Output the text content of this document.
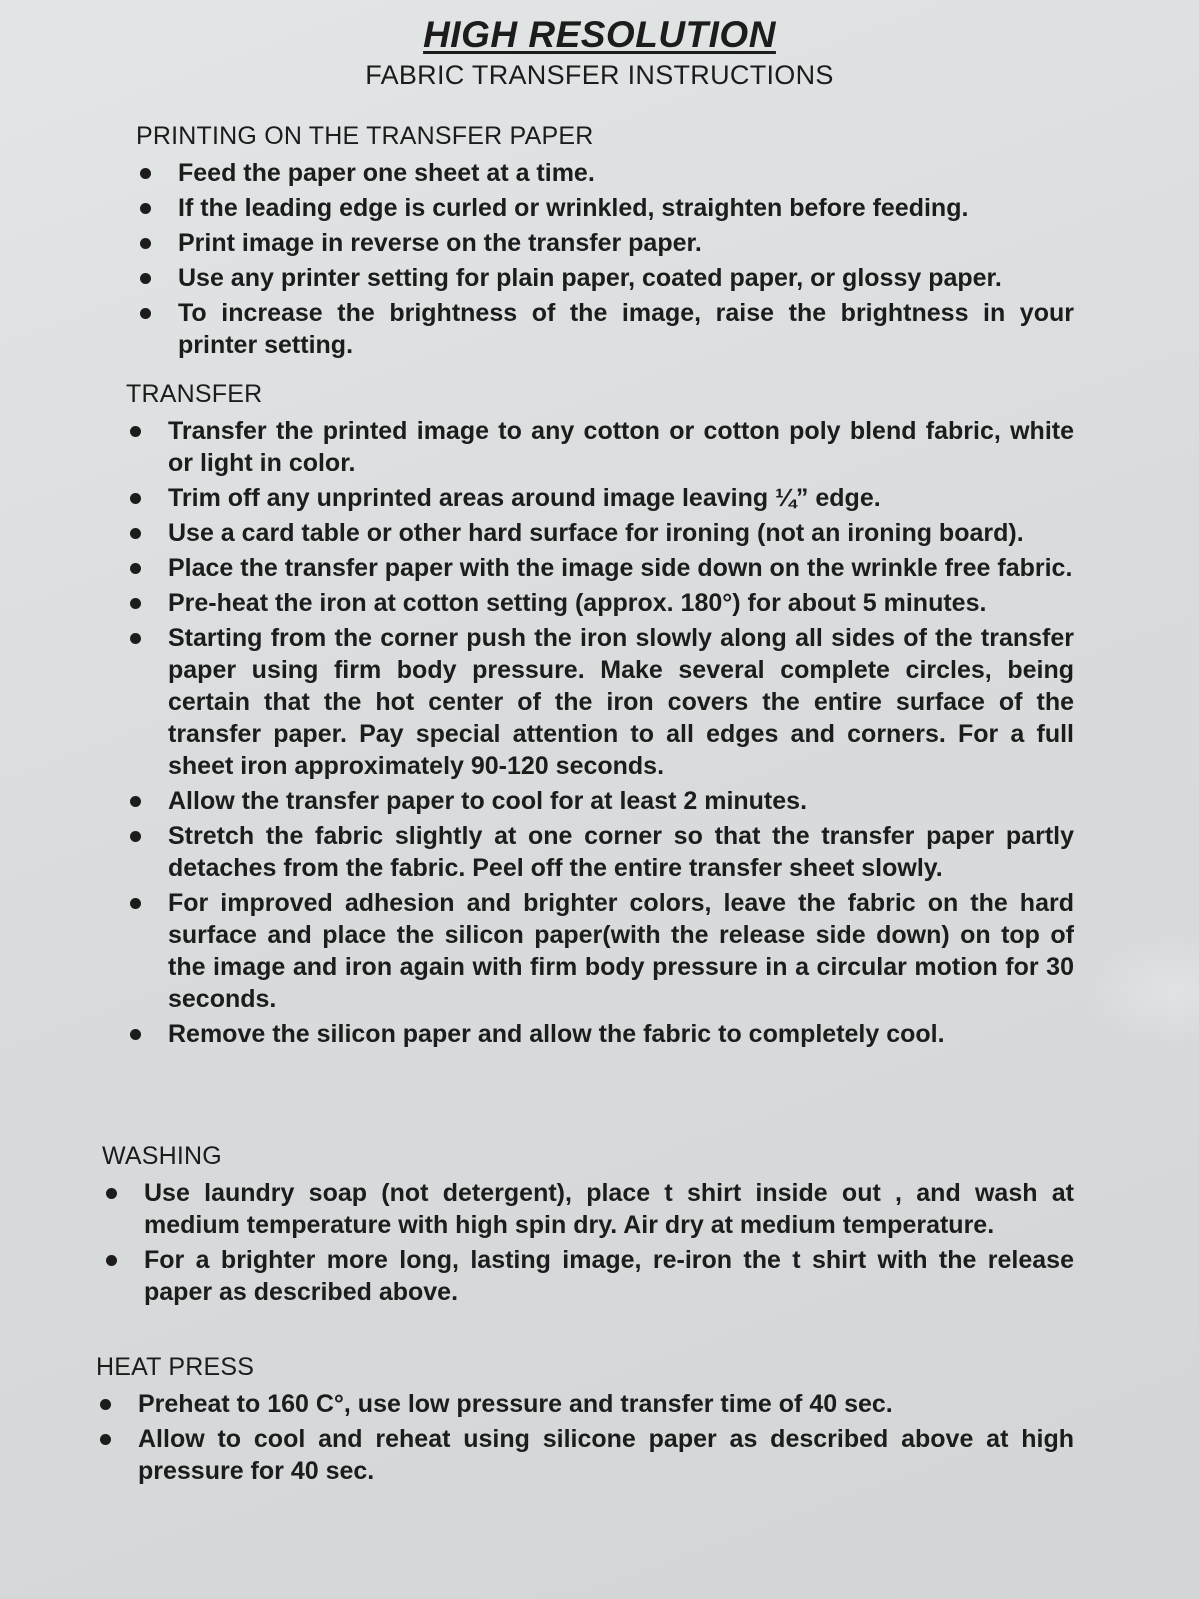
HIGH RESOLUTION
FABRIC TRANSFER INSTRUCTIONS
PRINTING ON THE TRANSFER PAPER
Feed the paper one sheet at a time.
If the leading edge is curled or wrinkled, straighten before feeding.
Print image in reverse on the transfer paper.
Use any printer setting for plain paper, coated paper, or glossy paper.
To increase the brightness of the image, raise the brightness in your printer setting.
TRANSFER
Transfer the printed image to any cotton or cotton poly blend fabric, white or light in color.
Trim off any unprinted areas around image leaving ¼” edge.
Use a card table or other hard surface for ironing (not an ironing board).
Place the transfer paper with the image side down on the wrinkle free fabric.
Pre-heat the iron at cotton setting (approx. 180°) for about 5 minutes.
Starting from the corner push the iron slowly along all sides of the transfer paper using firm body pressure. Make several complete circles, being certain that the hot center of the iron covers the entire surface of the transfer paper. Pay special attention to all edges and corners. For a full sheet iron approximately 90-120 seconds.
Allow the transfer paper to cool for at least 2 minutes.
Stretch the fabric slightly at one corner so that the transfer paper partly detaches from the fabric. Peel off the entire transfer sheet slowly.
For improved adhesion and brighter colors, leave the fabric on the hard surface and place the silicon paper(with the release side down) on top of the image and iron again with firm body pressure in a circular motion for 30 seconds.
Remove the silicon paper and allow the fabric to completely cool.
WASHING
Use laundry soap (not detergent), place t shirt inside out , and wash at medium temperature with high spin dry. Air dry at medium temperature.
For a brighter more long, lasting image, re-iron the t shirt with the release paper as described above.
HEAT PRESS
Preheat to 160 C°, use low pressure and transfer time of 40 sec.
Allow to cool and reheat using silicone paper as described above at high pressure for 40 sec.
